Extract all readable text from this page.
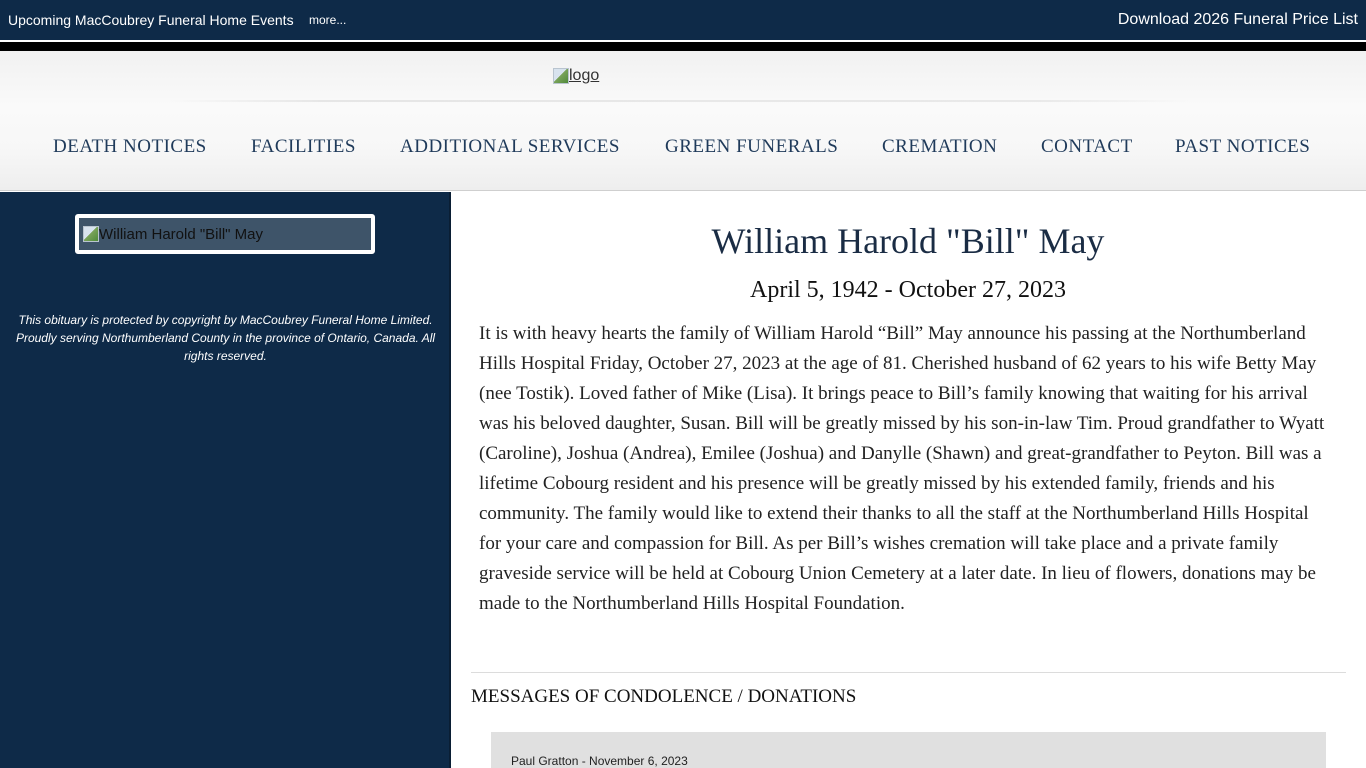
Upcoming MacCoubrey Funeral Home Events more...	Download 2026 Funeral Price List
logo
DEATH NOTICES FACILITIES ADDITIONAL SERVICES GREEN FUNERALS CREMATION CONTACT PAST NOTICES
William Harold "Bill" May

This obituary is protected by copyright by MacCoubrey Funeral Home Limited. Proudly serving Northumberland County in the province of Ontario, Canada. All rights reserved.

William Harold "Bill" May
April 5, 1942 - October 27, 2023

It is with heavy hearts the family of William Harold “Bill” May announce his passing at the Northumberland Hills Hospital Friday, October 27, 2023 at the age of 81. Cherished husband of 62 years to his wife Betty May (nee Tostik). Loved father of Mike (Lisa). It brings peace to Bill’s family knowing that waiting for his arrival was his beloved daughter, Susan. Bill will be greatly missed by his son-in-law Tim. Proud grandfather to Wyatt (Caroline), Joshua (Andrea), Emilee (Joshua) and Danylle (Shawn) and great-grandfather to Peyton. Bill was a lifetime Cobourg resident and his presence will be greatly missed by his extended family, friends and his community. The family would like to extend their thanks to all the staff at the Northumberland Hills Hospital for your care and compassion for Bill. As per Bill’s wishes cremation will take place and a private family graveside service will be held at Cobourg Union Cemetery at a later date. In lieu of flowers, donations may be made to the Northumberland Hills Hospital Foundation.

MESSAGES OF CONDOLENCE / DONATIONS
Paul Gratton - November 6, 2023
